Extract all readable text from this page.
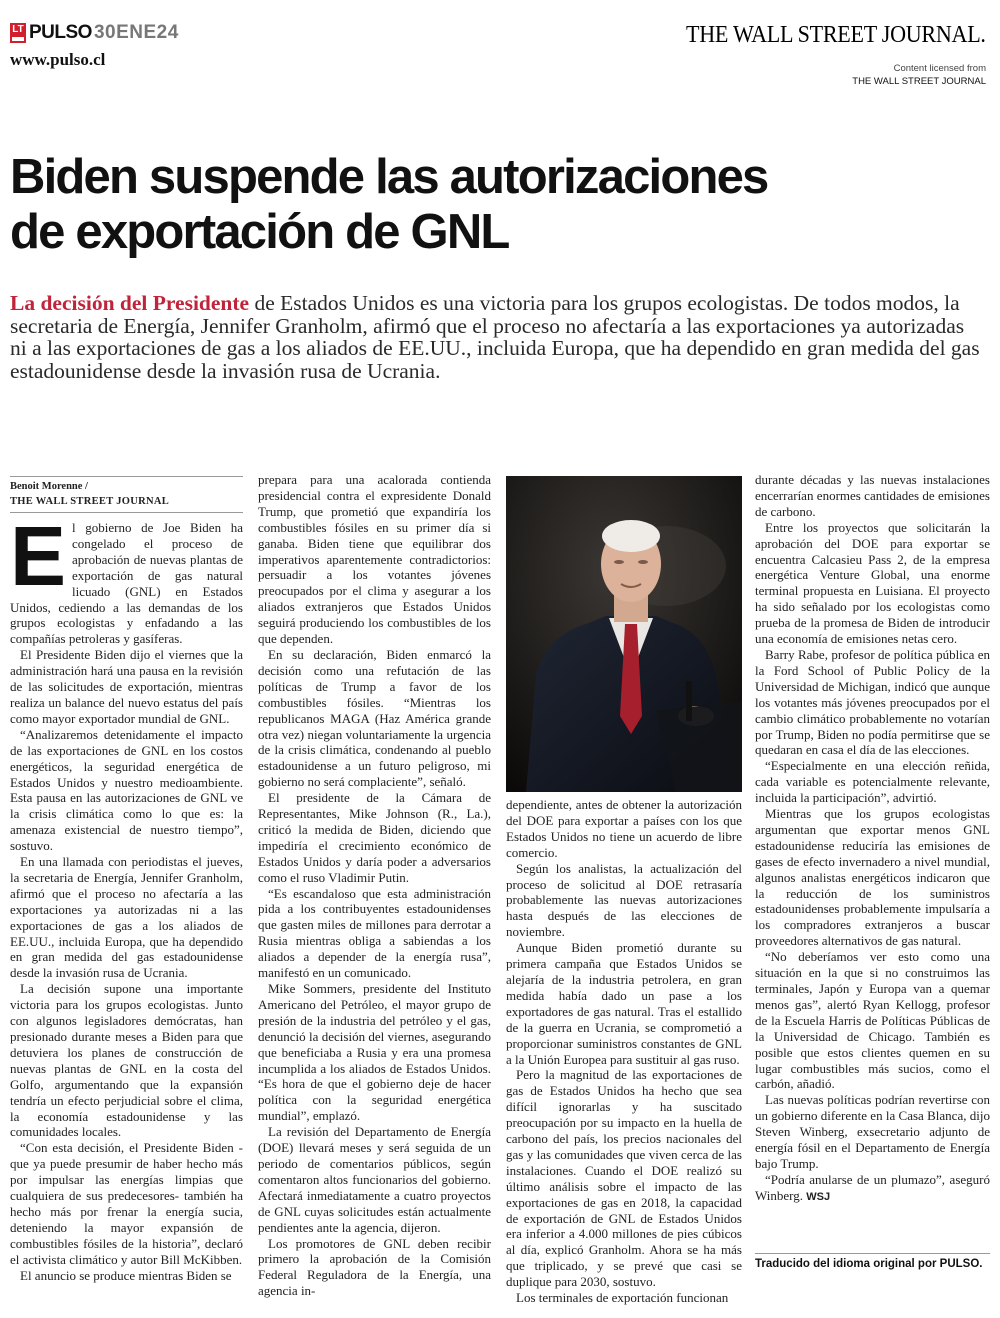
LT PULSO 30ENE24
www.pulso.cl
THE WALL STREET JOURNAL.
Content licensed from
THE WALL STREET JOURNAL
Biden suspende las autorizaciones
de exportación de GNL

La decisión del Presidente de Estados Unidos es una victoria para los grupos ecologistas. De todos modos, la secretaria de Energía, Jennifer Granholm, afirmó que el proceso no afectaría a las exportaciones ya autorizadas ni a las exportaciones de gas a los aliados de EE.UU., incluida Europa, que ha dependido en gran medida del gas estadounidense desde la invasión rusa de Ucrania.

Benoit Morenne /
THE WALL STREET JOURNAL
E l gobierno de Joe Biden ha congelado el proceso de aprobación de nuevas plantas de exportación de gas natural licuado (GNL) en Estados Unidos, cediendo a las demandas de los grupos ecologistas y enfadando a las compañías petroleras y gasíferas.

El Presidente Biden dijo el viernes que la administración hará una pausa en la revisión de las solicitudes de exportación, mientras realiza un balance del nuevo estatus del país como mayor exportador mundial de GNL.

“Analizaremos detenidamente el impacto de las exportaciones de GNL en los costos energéticos, la seguridad energética de Estados Unidos y nuestro medioambiente. Esta pausa en las autorizaciones de GNL ve la crisis climática como lo que es: la amenaza existencial de nuestro tiempo”, sostuvo.

En una llamada con periodistas el jueves, la secretaria de Energía, Jennifer Granholm, afirmó que el proceso no afectaría a las exportaciones ya autorizadas ni a las exportaciones de gas a los aliados de EE.UU., incluida Europa, que ha dependido en gran medida del gas estadounidense desde la invasión rusa de Ucrania.

La decisión supone una importante victoria para los grupos ecologistas. Junto con algunos legisladores demócratas, han presionado durante meses a Biden para que detuviera los planes de construcción de nuevas plantas de GNL en la costa del Golfo, argumentando que la expansión tendría un efecto perjudicial sobre el clima, la economía estadounidense y las comunidades locales.

“Con esta decisión, el Presidente Biden - que ya puede presumir de haber hecho más por impulsar las energías limpias que cualquiera de sus predecesores- también ha hecho más por frenar la energía sucia, deteniendo la mayor expansión de combustibles fósiles de la historia”, declaró el activista climático y autor Bill McKibben.

El anuncio se produce mientras Biden se

prepara para una acalorada contienda presidencial contra el expresidente Donald Trump, que prometió que expandiría los combustibles fósiles en su primer día si ganaba. Biden tiene que equilibrar dos imperativos aparentemente contradictorios: persuadir a los votantes jóvenes preocupados por el clima y asegurar a los aliados extranjeros que Estados Unidos seguirá produciendo los combustibles de los que dependen.

En su declaración, Biden enmarcó la decisión como una refutación de las políticas de Trump a favor de los combustibles fósiles. “Mientras los republicanos MAGA (Haz América grande otra vez) niegan voluntariamente la urgencia de la crisis climática, condenando al pueblo estadounidense a un futuro peligroso, mi gobierno no será complaciente”, señaló.

El presidente de la Cámara de Representantes, Mike Johnson (R., La.), criticó la medida de Biden, diciendo que impediría el crecimiento económico de Estados Unidos y daría poder a adversarios como el ruso Vladimir Putin.

“Es escandaloso que esta administración pida a los contribuyentes estadounidenses que gasten miles de millones para derrotar a Rusia mientras obliga a sabiendas a los aliados a depender de la energía rusa”, manifestó en un comunicado.

Mike Sommers, presidente del Instituto Americano del Petróleo, el mayor grupo de presión de la industria del petróleo y el gas, denunció la decisión del viernes, asegurando que beneficiaba a Rusia y era una promesa incumplida a los aliados de Estados Unidos. “Es hora de que el gobierno deje de hacer política con la seguridad energética mundial”, emplazó.

La revisión del Departamento de Energía (DOE) llevará meses y será seguida de un periodo de comentarios públicos, según comentaron altos funcionarios del gobierno. Afectará inmediatamente a cuatro proyectos de GNL cuyas solicitudes están actualmente pendientes ante la agencia, dijeron.

Los promotores de GNL deben recibir primero la aprobación de la Comisión Federal Reguladora de la Energía, una agencia in-

dependiente, antes de obtener la autorización del DOE para exportar a países con los que Estados Unidos no tiene un acuerdo de libre comercio.

Según los analistas, la actualización del proceso de solicitud al DOE retrasaría probablemente las nuevas autorizaciones hasta después de las elecciones de noviembre.

Aunque Biden prometió durante su primera campaña que Estados Unidos se alejaría de la industria petrolera, en gran medida había dado un pase a los exportadores de gas natural. Tras el estallido de la guerra en Ucrania, se comprometió a proporcionar suministros constantes de GNL a la Unión Europea para sustituir al gas ruso.

Pero la magnitud de las exportaciones de gas de Estados Unidos ha hecho que sea difícil ignorarlas y ha suscitado preocupación por su impacto en la huella de carbono del país, los precios nacionales del gas y las comunidades que viven cerca de las instalaciones. Cuando el DOE realizó su último análisis sobre el impacto de las exportaciones de gas en 2018, la capacidad de exportación de GNL de Estados Unidos era inferior a 4.000 millones de pies cúbicos al día, explicó Granholm. Ahora se ha más que triplicado, y se prevé que casi se duplique para 2030, sostuvo.

Los terminales de exportación funcionan

durante décadas y las nuevas instalaciones encerrarían enormes cantidades de emisiones de carbono.

Entre los proyectos que solicitarán la aprobación del DOE para exportar se encuentra Calcasieu Pass 2, de la empresa energética Venture Global, una enorme terminal propuesta en Luisiana. El proyecto ha sido señalado por los ecologistas como prueba de la promesa de Biden de introducir una economía de emisiones netas cero.

Barry Rabe, profesor de política pública en la Ford School of Public Policy de la Universidad de Michigan, indicó que aunque los votantes más jóvenes preocupados por el cambio climático probablemente no votarían por Trump, Biden no podía permitirse que se quedaran en casa el día de las elecciones.

“Especialmente en una elección reñida, cada variable es potencialmente relevante, incluida la participación”, advirtió.

Mientras que los grupos ecologistas argumentan que exportar menos GNL estadounidense reduciría las emisiones de gases de efecto invernadero a nivel mundial, algunos analistas energéticos indicaron que la reducción de los suministros estadounidenses probablemente impulsaría a los compradores extranjeros a buscar proveedores alternativos de gas natural.

“No deberíamos ver esto como una situación en la que si no construimos las terminales, Japón y Europa van a quemar menos gas”, alertó Ryan Kellogg, profesor de la Escuela Harris de Políticas Públicas de la Universidad de Chicago. También es posible que estos clientes quemen en su lugar combustibles más sucios, como el carbón, añadió.

Las nuevas políticas podrían revertirse con un gobierno diferente en la Casa Blanca, dijo Steven Winberg, exsecretario adjunto de energía fósil en el Departamento de Energía bajo Trump.

“Podría anularse de un plumazo”, aseguró Winberg. WSJ

Traducido del idioma original por PULSO.
